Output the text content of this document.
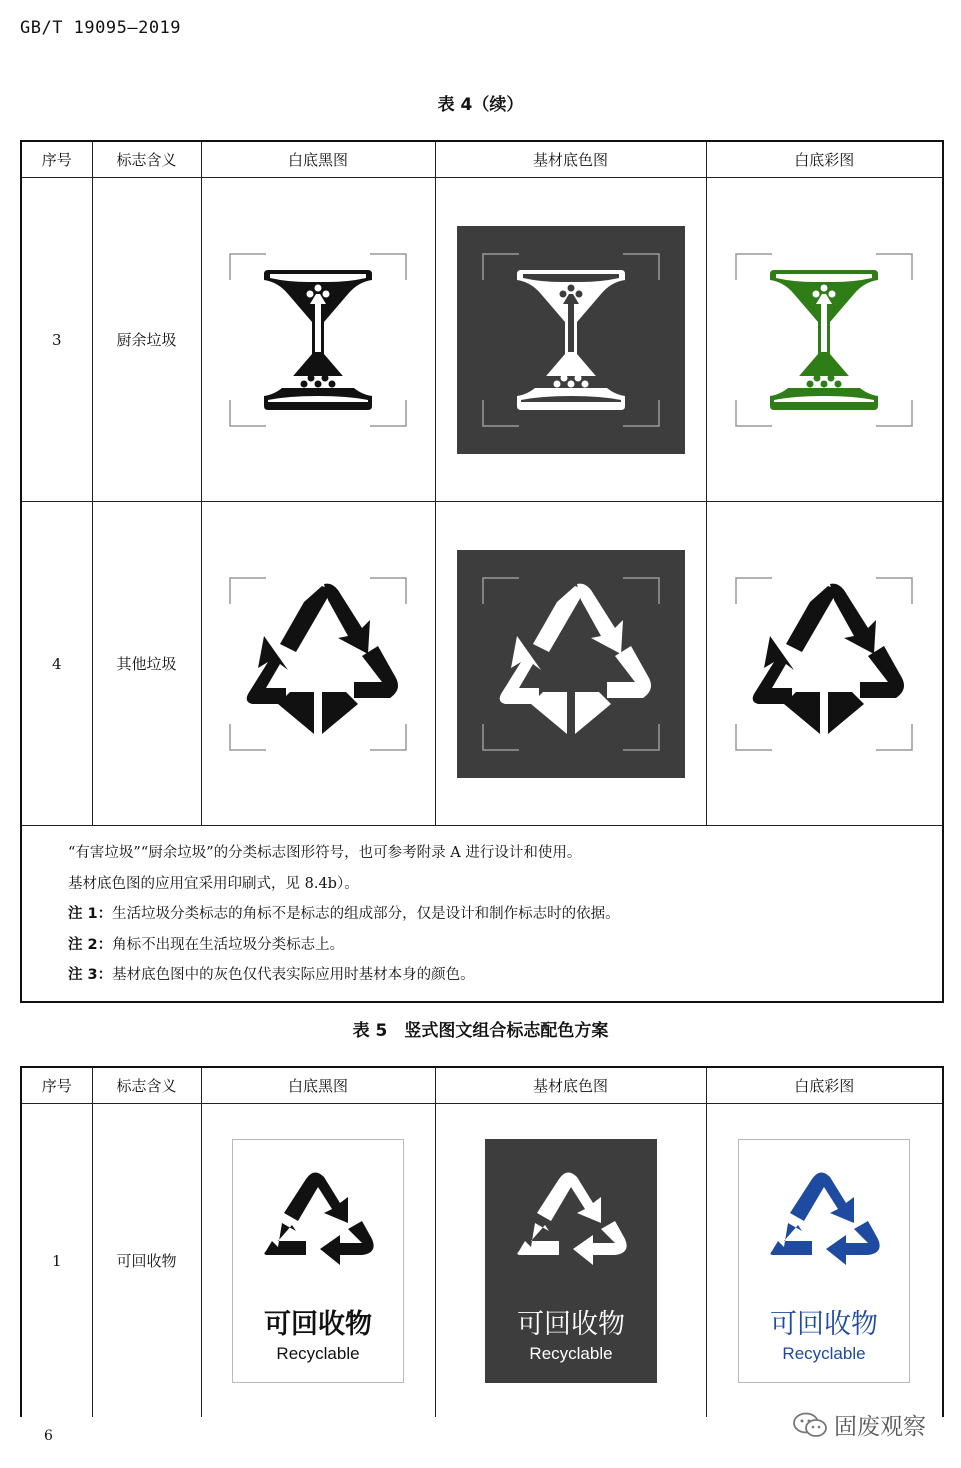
GB/T 19095—2019
表 4（续）
序号	标志含义	白底黑图	基材底色图	白底彩图
3	厨余垃圾	

4	其他垃圾	

“有害垃圾”“厨余垃圾”的分类标志图形符号，也可参考附录 A 进行设计和使用。
基材底色图的应用宜采用印刷式，见 8.4b）。
注 1：生活垃圾分类标志的角标不是标志的组成部分，仅是设计和制作标志时的依据。
注 2：角标不出现在生活垃圾分类标志上。
注 3：基材底色图中的灰色仅代表实际应用时基材本身的颜色。				
表 5　竖式图文组合标志配色方案
序号	标志含义	白底黑图	基材底色图	白底彩图
1	可回收物	可回收物
Recyclable	可回收物
Recyclable	可回收物
Recyclable
6	固废观察
